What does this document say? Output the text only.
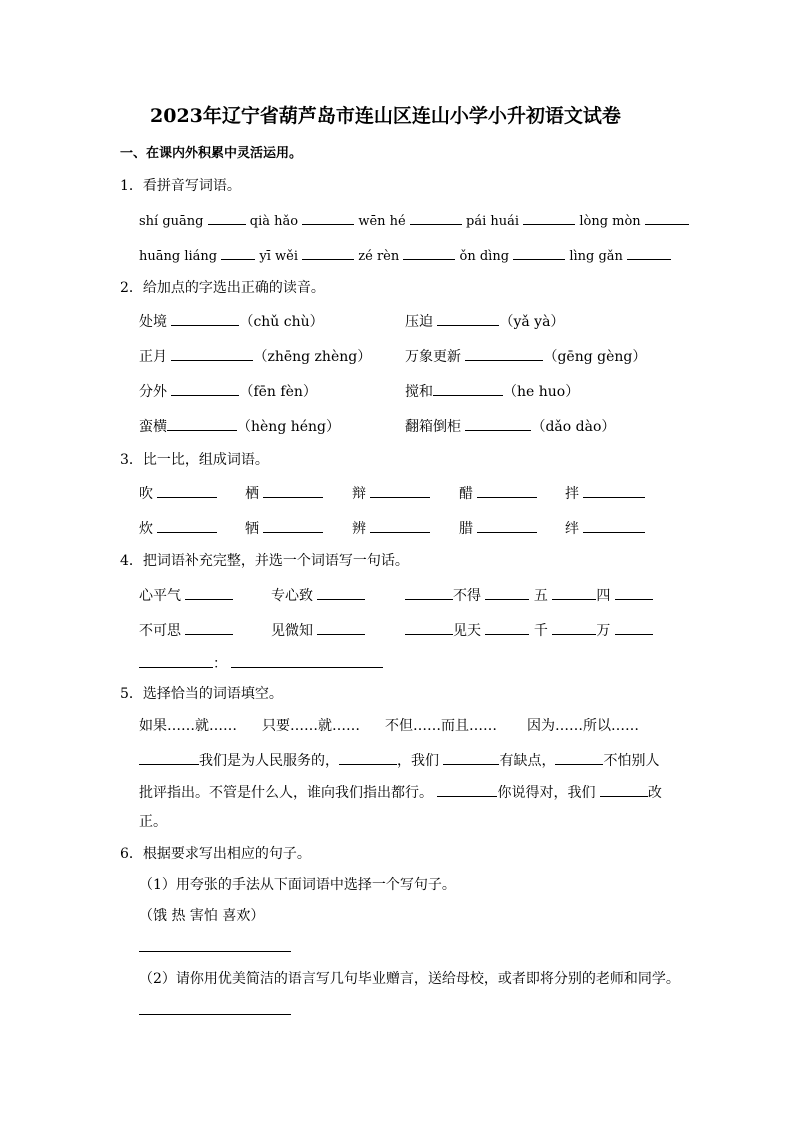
2023年辽宁省葫芦岛市连山区连山小学小升初语文试卷
一、在课内外积累中灵活运用。
1．看拼音写词语。
shí guāng	qià hǎo	wēn hé	pái huái	lòng mòn
huāng liáng	yī wěi	zé rèn	ǒn dìng	lìng gǎn
2．给加点的字选出正确的读音。
处境	（chǔ chù）	压迫	（yǎ yà）
正月	（zhēng zhèng） 万象更新	（gēng gèng）
分外	（fēn fèn）	搅和	（he huo）
蛮横	（hèng héng）	翻箱倒柜	（dǎo dào）
3．比一比，组成词语。
吹	栖	辩	醋	拌
炊	牺	辨	腊	绊
4．把词语补充完整，并选一个词语写一句话。
心平气	专心致	不得	五	四
不可思	见微知	见天	千	万
：
5．选择恰当的词语填空。
如果……就…… 只要……就…… 不但……而且…… 因为……所以……
我们是为人民服务的，	，我们	有缺点，	不怕别人
批评指出。不管是什么人，谁向我们指出都行。	你说得对，我们	改
正。
6．根据要求写出相应的句子。
（1）用夸张的手法从下面词语中选择一个写句子。
（饿 热 害怕 喜欢）
（2）请你用优美简洁的语言写几句毕业赠言，送给母校，或者即将分别的老师和同学。
